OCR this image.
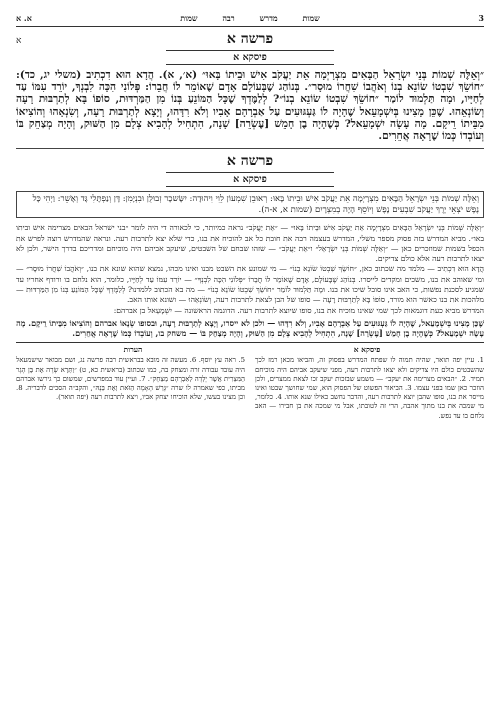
3
שמות מדרש רבה שמות
א. א
א	פרשה א
פיסקא א

״וְאֵלֶּה שְׁמוֹת בְּנֵי יִשְׂרָאֵל הַבָּאִים מִצְרָיְמָה אֵת יַעֲקֹב אִישׁ וּבֵיתוֹ בָּאוּ״ (א׳, א). הֲדָא הוּא דִכְתִיב (משלי יג, כד): ״חוֹשֵׂךְ שִׁבְטוֹ שׂוֹנֵא בְנוֹ וְאֹהֲבוֹ שִׁחֲרוֹ מוּסָר״. בְּנוֹהַג שֶׁבָּעוֹלָם אָדָם שֶׁאוֹמֵר לוֹ חֲבֵרוֹ: פְּלוֹנִי הִכָּה לִבְנְךָ, יוֹרֵד עִמּוֹ עַד לְחַיָּיו, וּמָה תַּלְמוּד לוֹמַר ״חוֹשֵׂךְ שִׁבְטוֹ שׂוֹנֵא בְנוֹ״? לְלַמֶּדְךָ שֶׁכָּל הַמּוֹנֵעַ בְּנוֹ מִן הַמַּרְדּוּת, סוֹפוֹ בָּא לְתַרְבּוּת רָעָה וְשׂוֹנְאֵהוּ. שֶׁכֵּן מָצִינוּ בְּיִשְׁמָעֵאל שֶׁהָיָה לוֹ גַּעְגּוּעִים עַל אַבְרָהָם אָבִיו וְלֹא רִדָּהוּ, וְיָצָא לְתַרְבּוּת רָעָה, וְשִׂנְאָהוּ וְהוֹצִיאוֹ מִבֵּיתוֹ רֵיקָם. מָה עָשָׂה יִשְׁמָעֵאל? כְּשֶׁהָיָה בֶן חָמֵשׁ [עֶשְׂרֵה] שָׁנָה, הִתְחִיל לְהָבִיא צְלָם מִן הַשּׁוּק, וְהָיָה מְצַחֵק בּוֹ וְעוֹבְדוֹ כְּמוֹ שֶׁרָאָה אֲחֵרִים.

פרשה א
פיסקא א
וְאֵלֶּה שְׁמוֹת בְּנֵי יִשְׂרָאֵל הַבָּאִים מִצְרָיְמָה אֵת יַעֲקֹב אִישׁ וּבֵיתוֹ בָּאוּ: רְאוּבֵן שִׁמְעוֹן לֵוִי וִיהוּדָה: יִשָּׂשכָר זְבוּלֻן וּבִנְיָמִן: דָּן וְנַפְתָּלִי גָּד וְאָשֵׁר: וַיְהִי כָּל נֶפֶשׁ יֹצְאֵי יֶרֶךְ יַעֲקֹב שִׁבְעִים נָפֶשׁ וְיוֹסֵף הָיָה בְמִצְרָיִם (שמות א, א-ה).

״וְאֵלֶּה שְׁמוֹת בְּנֵי יִשְׂרָאֵל הַבָּאִים מִצְרָיְמָה אֵת יַעֲקֹב אִישׁ וּבֵיתוֹ בָּאוּ״ — ״אֵת יַעֲקֹב״ נראה כמיותר, כי לכאורה די היה לומר ״בני ישראל הבאים מצרימה איש וביתו באו״. מביא המדרש בזה פסוק מספר משלי, המדרש בעצמה רבה את חובת כל אב להוכיח את בנו, כדי שלא יצא לתרבות רעה. ונראה שהמדרש רוצה לפרש את הכפל בשמות שמוזכרים כאן — ״וְאֵלֶּה שְׁמוֹת בְּנֵי יִשְׂרָאֵל״ ו״אֵת יַעֲקֹב״ — שזהו שבחם של השבטים, שיעקב אביהם היה מוכיחם ומדריכם בדרך הישר, ולכן לא יצאו לתרבות רעה אלא כולם צדיקים.

הֲדָא הוּא דִכְתִיב — מלמד מה שכתוב כאן, ״חוֹשֵׂךְ שִׁבְטוֹ שׂוֹנֵא בְנוֹ״ — מי שמונע את השבט מבנו ואינו מכהו, נמצא שהוא שונא את בנו, ״וְאֹהֲבוֹ שִׁחֲרוֹ מוּסָר״ — ומי שאוהב את בנו, משכים ומקדים לייסרו. בְּנוֹהַג שֶׁבָּעוֹלָם, אָדָם שֶׁאוֹמֵר לוֹ חֲבֵרוֹ ״פְּלוֹנִי הִכָּה לִבְנְךָ״ — יוֹרֵד עִמּוֹ עַד לְחַיָּיו, כלומר, הוא נלחם בו ורודף אחריו עד שמגיע לסכנת נפשות, כי האב אינו סובל שיכו את בנו. וּמָה תַּלְמוּד לוֹמַר ״חוֹשֵׂךְ שִׁבְטוֹ שׂוֹנֵא בְנוֹ״ — מה בא הכתוב ללמדנו? לְלַמֶּדְךָ שֶׁכָּל הַמּוֹנֵעַ בְּנוֹ מִן הַמַּרְדּוּת — מלהכות את בנו כאשר הוא מורד, סוֹפוֹ בָּא לְתַרְבּוּת רָעָה — סופו של הבן לצאת לתרבות רעה, וְשׂוֹנְאֵהוּ — ושונא אותו האב.

המדרש מביא כעת דוגמאות לכך שמי שאינו מוכיח את בנו, סופו שיוצא לתרבות רעה. הדוגמה הראשונה — יִשְׁמָעֵאל בן אברהם:

שֶׁכֵּן מָצִינוּ בְּיִשְׁמָעֵאל, שֶׁהָיָה לוֹ גַּעְגּוּעִים עַל אַבְרָהָם אָבִיו, וְלֹא רִדָּהוּ — ולכן לא ייסרו, וְיָצָא לְתַרְבּוּת רָעָה, וּבסופו שְׂנָאוֹ אברהם וְהוֹצִיאוֹ מִבֵּיתוֹ רֵיקָם. מָה עָשָׂה יִשְׁמָעֵאל? כְּשֶׁהָיָה בֶן חָמֵשׁ [עֶשְׂרֵה] שָׁנָה, הִתְחִיל לְהָבִיא צְלָם מִן הַשּׁוּק, וְהָיָה מְצַחֵק בּוֹ — משחק בו, וְעוֹבְדוֹ כְּמוֹ שֶׁרָאָה אֲחֵרִים.

פיסקא א
הערות
1. עיין יפה תואר, שהיה תמוה לו שפתח המדרש בפסוק זה, והביאו מכאן רמז לכך שהשבטים כולם היו צדיקים ולא יצאו לתרבות רעה, מפני שיעקב אביהם היה מוכיחם תמיד. 2. ״הבאים מצרימה את יעקב״ — משמע שבזכות יעקב זכו לצאת ממצרים, ולכן הוזכר כאן שמו בפני עצמו. 3. הביאור הפשוט של הפסוק הוא, שמי שחושך שבטו ואינו מייסר את בנו, סופו שהבן יוצא לתרבות רעה, והדבר נחשב כאילו שנא אותו. 4. כלומר, מי שמכה את בנו מתוך אהבה, הרי זה לטובתו, אבל מי שמכה את בן חבירו — האב נלחם בו עד נפש.
5. ראה עץ יוסף. 6. מעשה זה מובא בבראשית רבה פרשה נג, ושם מבואר שישמעאל היה עובד עבודה זרה ומצחק בה, כמו שכתוב (בראשית כא, ט) ״וַתֵּרֶא שָׂרָה אֶת בֶּן הָגָר הַמִּצְרִית אֲשֶׁר יָלְדָה לְאַבְרָהָם מְצַחֵק״. 7. ועיין עוד במפרשים, שמשום כך גירשו אברהם מביתו, כפי שאמרה לו שרה ״גָּרֵשׁ הָאָמָה הַזֹּאת וְאֶת בְּנָהּ״, והקב״ה הסכים לדבריה. 8. וכן מצינו בעשו, שלא הוכיחו יצחק אביו, ויצא לתרבות רעה (יפה תואר).
